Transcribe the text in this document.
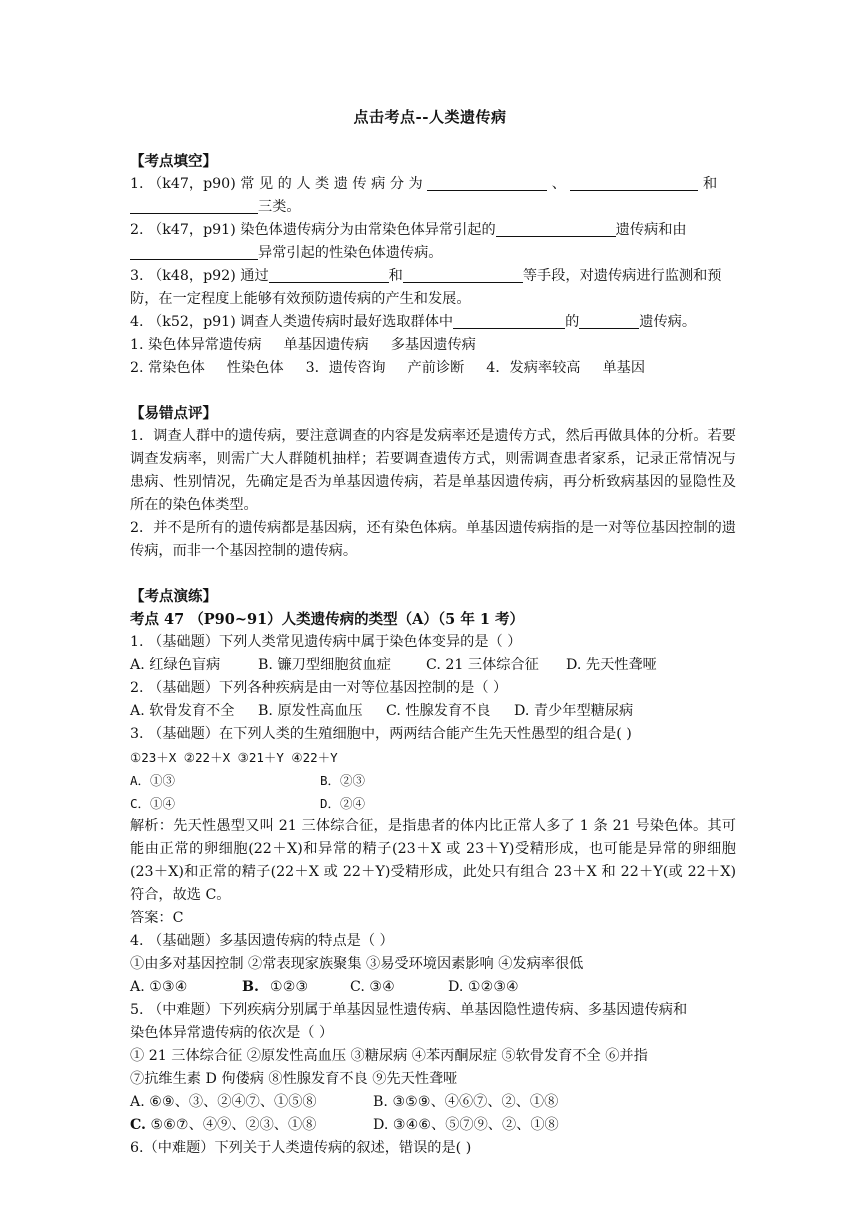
点击考点--人类遗传病
【考点填空】
1. （k47，p90) 常 见 的 人 类 遗 传 病 分 为	、	和
三类。
2. （k47，p91) 染色体遗传病分为由常染色体异常引起的	遗传病和由
异常引起的性染色体遗传病。
3. （k48，p92) 通过	和	等手段，对遗传病进行监测和预
防，在一定程度上能够有效预防遗传病的产生和发展。
4. （k52，p91) 调查人类遗传病时最好选取群体中	的	遗传病。
1. 染色体异常遗传病 单基因遗传病 多基因遗传病
2. 常染色体 性染色体 3．遗传咨询 产前诊断 4．发病率较高 单基因
【易错点评】
1．调查人群中的遗传病，要注意调查的内容是发病率还是遗传方式，然后再做具体的分析。若要调查发病率，则需广大人群随机抽样；若要调查遗传方式，则需调查患者家系，记录正常情况与患病、性别情况，先确定是否为单基因遗传病，若是单基因遗传病，再分析致病基因的显隐性及所在的染色体类型。
2．并不是所有的遗传病都是基因病，还有染色体病。单基因遗传病指的是一对等位基因控制的遗传病，而非一个基因控制的遗传病。
【考点演练】
考点 47 （P90~91）人类遗传病的类型（A）（5 年 1 考）
1. （基础题）下列人类常见遗传病中属于染色体变异的是（ ）
A. 红绿色盲病	B. 镰刀型细胞贫血症 C. 21 三体综合征 D. 先天性聋哑
2. （基础题）下列各种疾病是由一对等位基因控制的是（ ）
A. 软骨发育不全 B. 原发性高血压 C. 性腺发育不良 D. 青少年型糖尿病
3. （基础题）在下列人类的生殖细胞中，两两结合能产生先天性愚型的组合是( )
①23＋X ②22＋X ③21＋Y ④22＋Y
A．①③	B．②③
C．①④	D．②④
解析：先天性愚型又叫 21 三体综合征，是指患者的体内比正常人多了 1 条 21 号染色体。其可能由正常的卵细胞(22＋X)和异常的精子(23＋X 或 23＋Y)受精形成，也可能是异常的卵细胞(23＋X)和正常的精子(22＋X 或 22＋Y)受精形成，此处只有组合 23＋X 和 22＋Y(或 22＋X)符合，故选 C。
答案：C
4. （基础题）多基因遗传病的特点是（ ）
①由多对基因控制 ②常表现家族聚集 ③易受环境因素影响 ④发病率很低
A. ①③④	B. ①②③	C. ③④	D. ①②③④
5. （中难题）下列疾病分别属于单基因显性遗传病、单基因隐性遗传病、多基因遗传病和
染色体异常遗传病的依次是（ ）
① 21 三体综合征 ②原发性高血压 ③糖尿病 ④苯丙酮尿症 ⑤软骨发育不全 ⑥并指
⑦抗维生素 D 佝偻病 ⑧性腺发育不良 ⑨先天性聋哑
A. ⑥⑨、③、②④⑦、①⑤⑧	B. ③⑤⑨、④⑥⑦、②、①⑧
C. ⑤⑥⑦、④⑨、②③、①⑧	D. ③④⑥、⑤⑦⑨、②、①⑧
6.（中难题）下列关于人类遗传病的叙述，错误的是( )
